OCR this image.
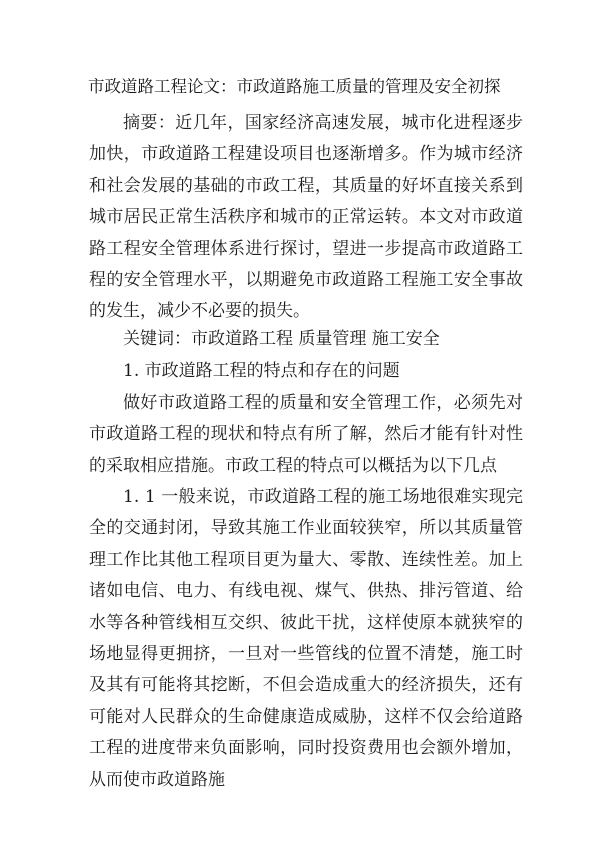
市政道路工程论文：市政道路施工质量的管理及安全初探

摘要：近几年，国家经济高速发展，城市化进程逐步加快，市政道路工程建设项目也逐渐增多。作为城市经济和社会发展的基础的市政工程，其质量的好坏直接关系到城市居民正常生活秩序和城市的正常运转。本文对市政道路工程安全管理体系进行探讨，望进一步提高市政道路工程的安全管理水平，以期避免市政道路工程施工安全事故的发生，减少不必要的损失。

关键词：市政道路工程 质量管理 施工安全

1. 市政道路工程的特点和存在的问题

做好市政道路工程的质量和安全管理工作，必须先对市政道路工程的现状和特点有所了解，然后才能有针对性的采取相应措施。市政工程的特点可以概括为以下几点

1. 1 一般来说，市政道路工程的施工场地很难实现完全的交通封闭，导致其施工作业面较狭窄，所以其质量管理工作比其他工程项目更为量大、零散、连续性差。加上诸如电信、电力、有线电视、煤气、供热、排污管道、给水等各种管线相互交织、彼此干扰，这样使原本就狭窄的场地显得更拥挤，一旦对一些管线的位置不清楚，施工时及其有可能将其挖断，不但会造成重大的经济损失，还有可能对人民群众的生命健康造成威胁，这样不仅会给道路工程的进度带来负面影响，同时投资费用也会额外增加，从而使市政道路施
